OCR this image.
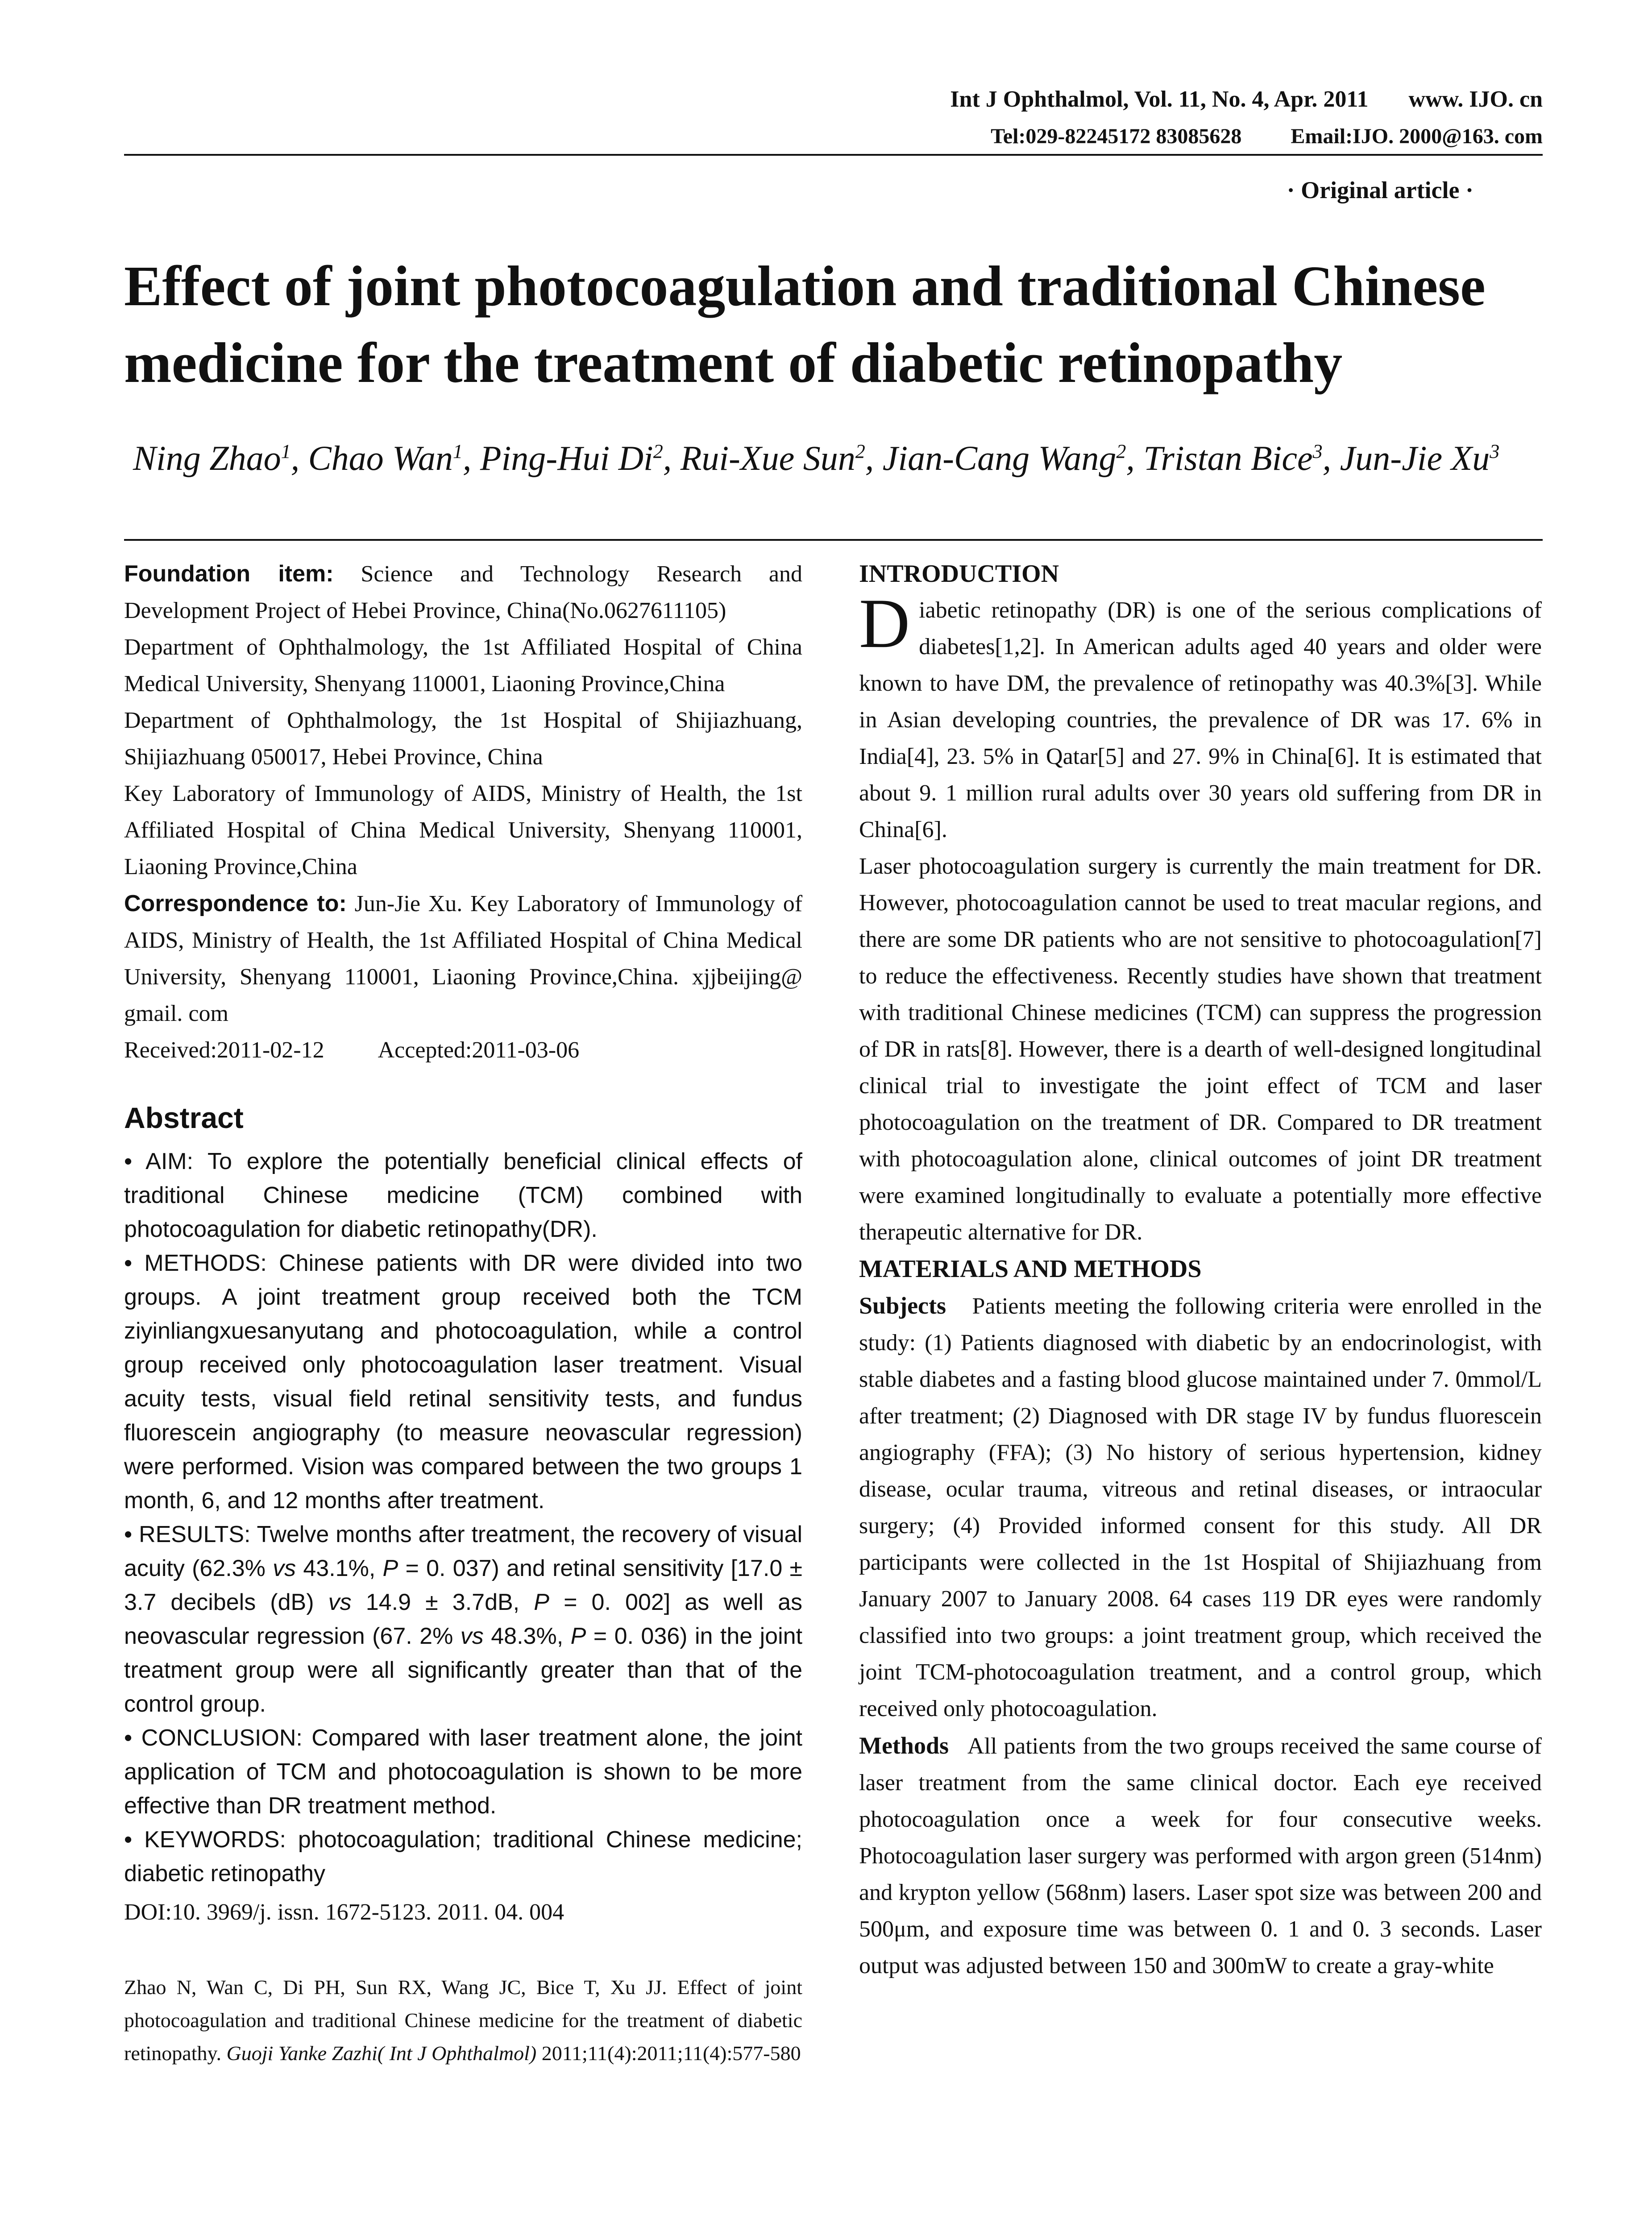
Int J Ophthalmol, Vol. 11, No. 4, Apr. 2011 www. IJO. cn
Tel:029-82245172 83085628 Email:IJO. 2000@163. com
· Original article ·
Effect of joint photocoagulation and traditional Chinese medicine for the treatment of diabetic retinopathy
Ning Zhao$^1$, Chao Wan$^1$, Ping-Hui Di$^2$, Rui-Xue Sun$^2$, Jian-Cang Wang$^2$, Tristan Bice$^3$, Jun-Jie Xu$^3$

Foundation item: Science and Technology Research and Development Project of Hebei Province, China(No.0627611105)

Department of Ophthalmology, the 1st Affiliated Hospital of China Medical University, Shenyang 110001, Liaoning Province,China

Department of Ophthalmology, the 1st Hospital of Shijiazhuang, Shijiazhuang 050017, Hebei Province, China

Key Laboratory of Immunology of AIDS, Ministry of Health, the 1st Affiliated Hospital of China Medical University, Shenyang 110001, Liaoning Province,China

Correspondence to: Jun-Jie Xu. Key Laboratory of Immunology of AIDS, Ministry of Health, the 1st Affiliated Hospital of China Medical University, Shenyang 110001, Liaoning Province,China. xjjbeijing@ gmail. com

Received:2011-02-12 Accepted:2011-03-06

Abstract

• AIM: To explore the potentially beneficial clinical effects of traditional Chinese medicine (TCM) combined with photocoagulation for diabetic retinopathy(DR).

• METHODS: Chinese patients with DR were divided into two groups. A joint treatment group received both the TCM ziyinliangxuesanyutang and photocoagulation, while a control group received only photocoagulation laser treatment. Visual acuity tests, visual field retinal sensitivity tests, and fundus fluorescein angiography (to measure neovascular regression) were performed. Vision was compared between the two groups 1 month, 6, and 12 months after treatment.

• RESULTS: Twelve months after treatment, the recovery of visual acuity (62.3% vs 43.1%, P = 0. 037) and retinal sensitivity [17.0 ± 3.7 decibels (dB) vs 14.9 ± 3.7dB, P = 0. 002] as well as neovascular regression (67. 2% vs 48.3%, P = 0. 036) in the joint treatment group were all significantly greater than that of the control group.

• CONCLUSION: Compared with laser treatment alone, the joint application of TCM and photocoagulation is shown to be more effective than DR treatment method.

• KEYWORDS: photocoagulation; traditional Chinese medicine; diabetic retinopathy

DOI:10. 3969/j. issn. 1672-5123. 2011. 04. 004

Zhao N, Wan C, Di PH, Sun RX, Wang JC, Bice T, Xu JJ. Effect of joint photocoagulation and traditional Chinese medicine for the treatment of diabetic retinopathy. Guoji Yanke Zazhi( Int J Ophthalmol) 2011;11(4):2011;11(4):577-580
INTRODUCTION

Diabetic retinopathy (DR) is one of the serious complications of diabetes[1,2]. In American adults aged 40 years and older were known to have DM, the prevalence of retinopathy was 40.3%[3]. While in Asian developing countries, the prevalence of DR was 17. 6% in India[4], 23. 5% in Qatar[5] and 27. 9% in China[6]. It is estimated that about 9. 1 million rural adults over 30 years old suffering from DR in China[6].

Laser photocoagulation surgery is currently the main treatment for DR. However, photocoagulation cannot be used to treat macular regions, and there are some DR patients who are not sensitive to photocoagulation[7] to reduce the effectiveness. Recently studies have shown that treatment with traditional Chinese medicines (TCM) can suppress the progression of DR in rats[8]. However, there is a dearth of well-designed longitudinal clinical trial to investigate the joint effect of TCM and laser photocoagulation on the treatment of DR. Compared to DR treatment with photocoagulation alone, clinical outcomes of joint DR treatment were examined longitudinally to evaluate a potentially more effective therapeutic alternative for DR.

MATERIALS AND METHODS

Subjects Patients meeting the following criteria were enrolled in the study: (1) Patients diagnosed with diabetic by an endocrinologist, with stable diabetes and a fasting blood glucose maintained under 7. 0mmol/L after treatment; (2) Diagnosed with DR stage IV by fundus fluorescein angiography (FFA); (3) No history of serious hypertension, kidney disease, ocular trauma, vitreous and retinal diseases, or intraocular surgery; (4) Provided informed consent for this study. All DR participants were collected in the 1st Hospital of Shijiazhuang from January 2007 to January 2008. 64 cases 119 DR eyes were randomly classified into two groups: a joint treatment group, which received the joint TCM-photocoagulation treatment, and a control group, which received only photocoagulation.

Methods All patients from the two groups received the same course of laser treatment from the same clinical doctor. Each eye received photocoagulation once a week for four consecutive weeks. Photocoagulation laser surgery was performed with argon green (514nm) and krypton yellow (568nm) lasers. Laser spot size was between 200 and 500μm, and exposure time was between 0. 1 and 0. 3 seconds. Laser output was adjusted between 150 and 300mW to create a gray-white
